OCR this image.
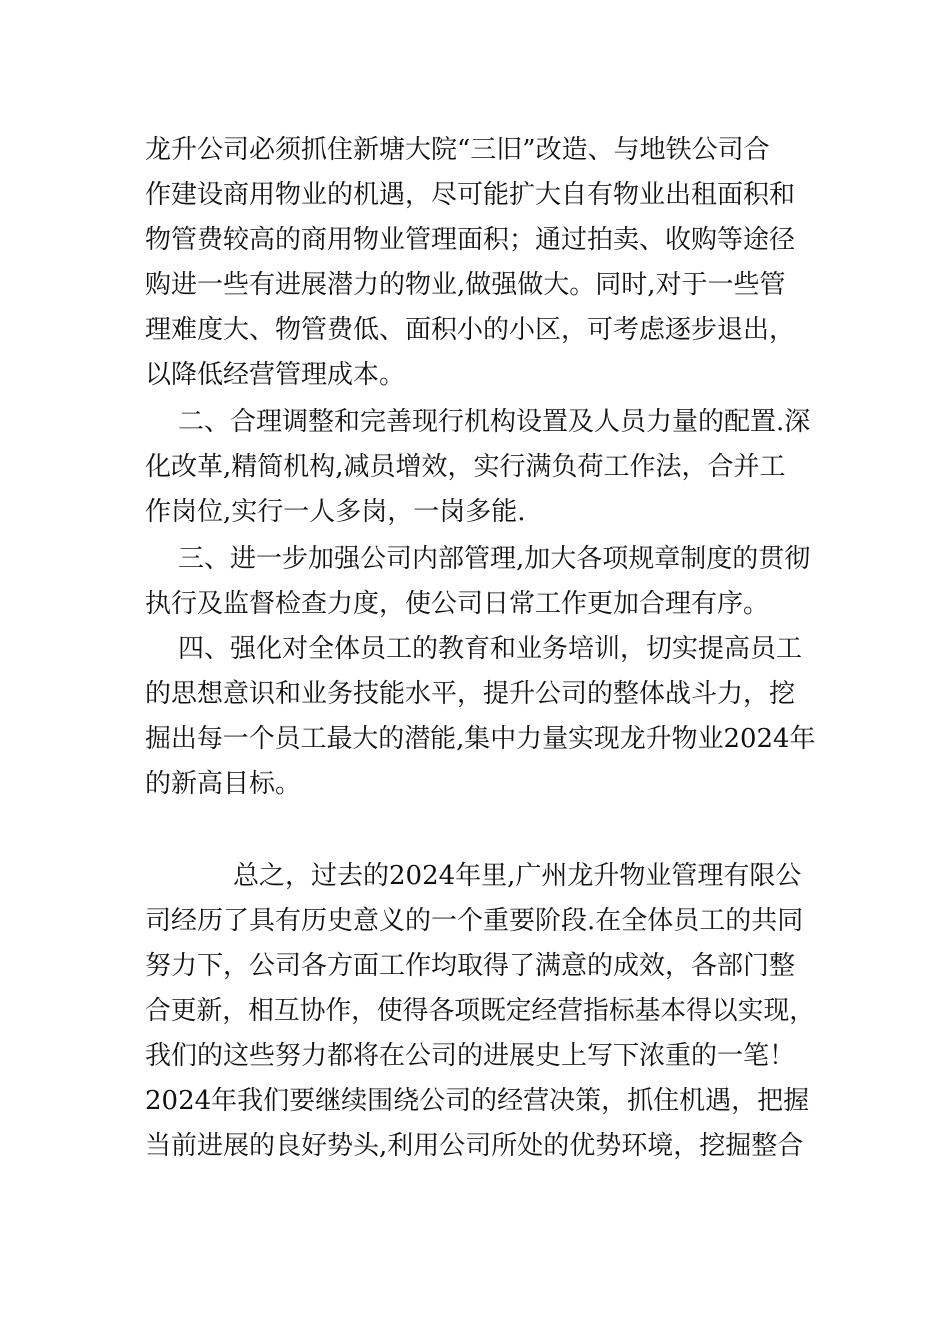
龙升公司必须抓住新塘大院“三旧”改造、与地铁公司合
作建设商用物业的机遇，尽可能扩大自有物业出租面积和
物管费较高的商用物业管理面积；通过拍卖、收购等途径
购进一些有进展潜力的物业,做强做大。同时,对于一些管
理难度大、物管费低、面积小的小区，可考虑逐步退出，
以降低经营管理成本。
二、合理调整和完善现行机构设置及人员力量的配置.深
化改革,精简机构,减员增效，实行满负荷工作法，合并工
作岗位,实行一人多岗，一岗多能.
三、进一步加强公司内部管理,加大各项规章制度的贯彻
执行及监督检查力度，使公司日常工作更加合理有序。
四、强化对全体员工的教育和业务培训，切实提高员工
的思想意识和业务技能水平，提升公司的整体战斗力，挖
掘出每一个员工最大的潜能,集中力量实现龙升物业2024年
的新高目标。
总之，过去的2024年里,广州龙升物业管理有限公
司经历了具有历史意义的一个重要阶段.在全体员工的共同
努力下，公司各方面工作均取得了满意的成效，各部门整
合更新，相互协作，使得各项既定经营指标基本得以实现，
我们的这些努力都将在公司的进展史上写下浓重的一笔！
2024年我们要继续围绕公司的经营决策，抓住机遇，把握
当前进展的良好势头,利用公司所处的优势环境，挖掘整合
